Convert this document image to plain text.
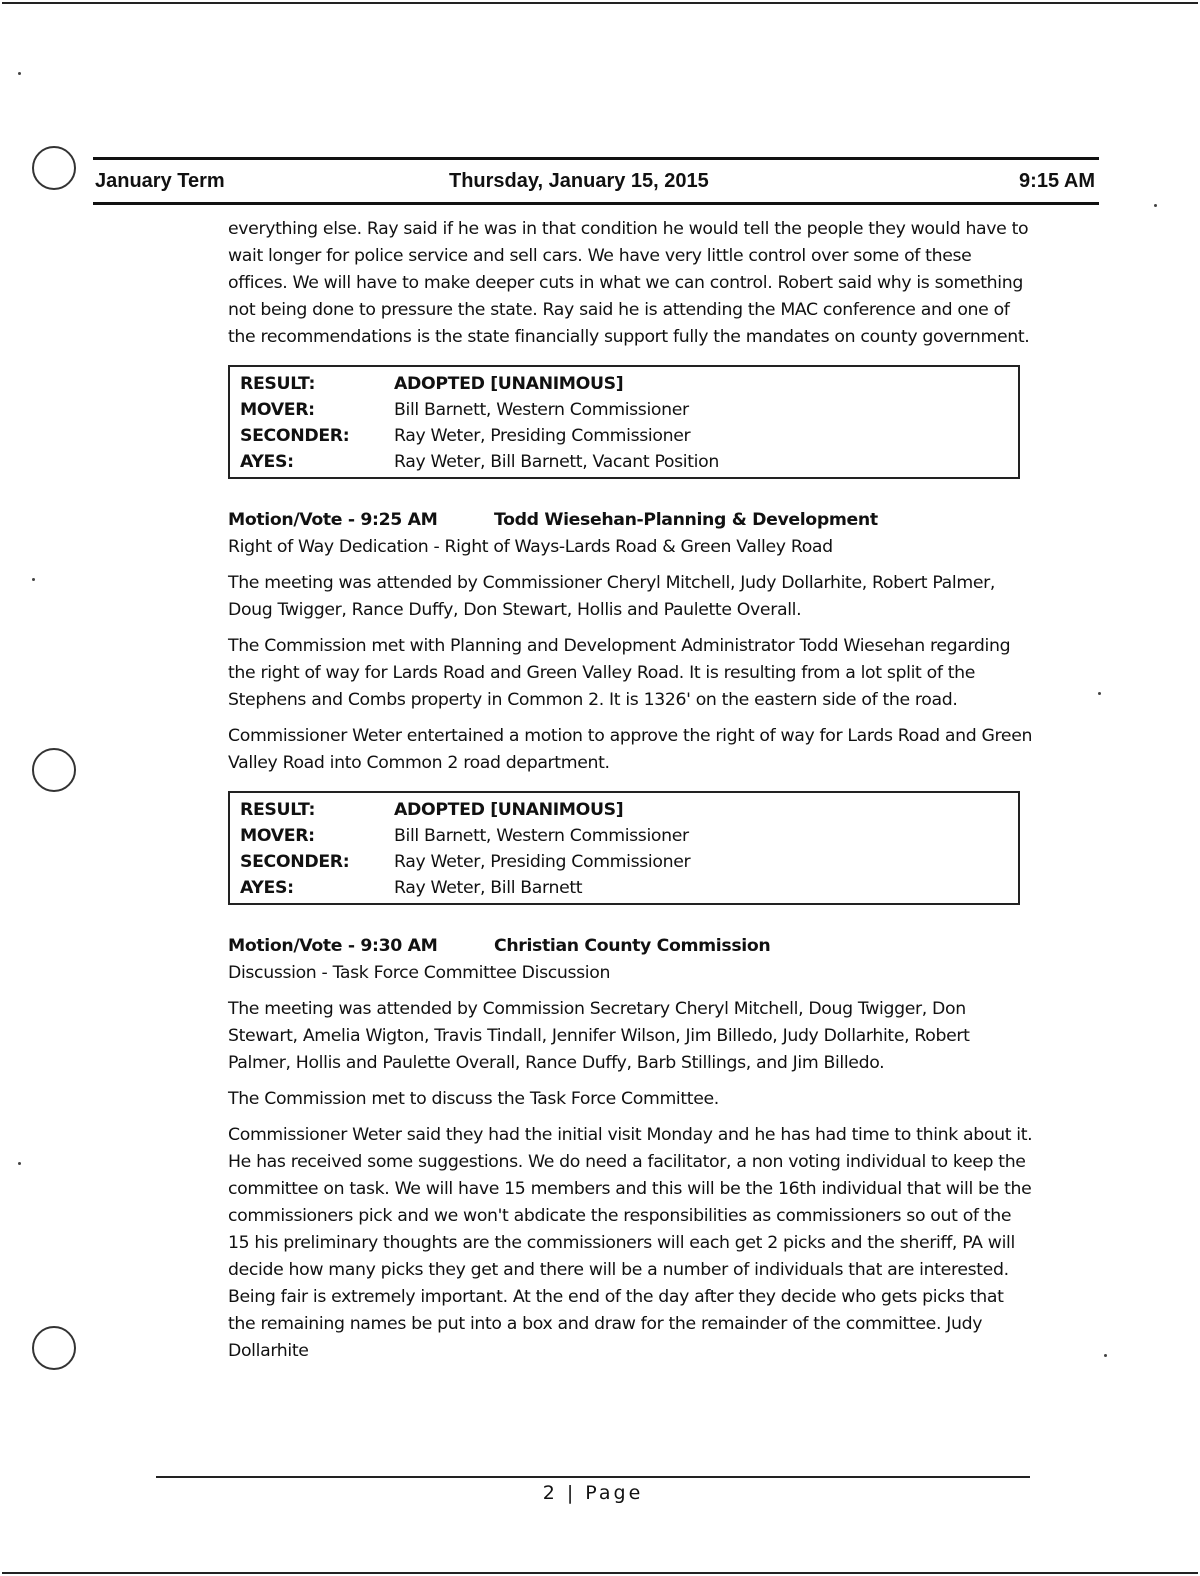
January Term	Thursday, January 15, 2015	9:15 AM

everything else. Ray said if he was in that condition he would tell the people they would have to wait longer for police service and sell cars. We have very little control over some of these offices. We will have to make deeper cuts in what we can control. Robert said why is something not being done to pressure the state. Ray said he is attending the MAC conference and one of the recommendations is the state financially support fully the mandates on county government.

RESULT:	ADOPTED [UNANIMOUS]
MOVER:	Bill Barnett, Western Commissioner
SECONDER:	Ray Weter, Presiding Commissioner
AYES:	Ray Weter, Bill Barnett, Vacant Position
Motion/Vote - 9:25 AM	Todd Wiesehan-Planning & Development

Right of Way Dedication - Right of Ways-Lards Road & Green Valley Road

The meeting was attended by Commissioner Cheryl Mitchell, Judy Dollarhite, Robert Palmer, Doug Twigger, Rance Duffy, Don Stewart, Hollis and Paulette Overall.

The Commission met with Planning and Development Administrator Todd Wiesehan regarding the right of way for Lards Road and Green Valley Road. It is resulting from a lot split of the Stephens and Combs property in Common 2. It is 1326' on the eastern side of the road.

Commissioner Weter entertained a motion to approve the right of way for Lards Road and Green Valley Road into Common 2 road department.

RESULT:	ADOPTED [UNANIMOUS]
MOVER:	Bill Barnett, Western Commissioner
SECONDER:	Ray Weter, Presiding Commissioner
AYES:	Ray Weter, Bill Barnett
Motion/Vote - 9:30 AM	Christian County Commission

Discussion - Task Force Committee Discussion

The meeting was attended by Commission Secretary Cheryl Mitchell, Doug Twigger, Don Stewart, Amelia Wigton, Travis Tindall, Jennifer Wilson, Jim Billedo, Judy Dollarhite, Robert Palmer, Hollis and Paulette Overall, Rance Duffy, Barb Stillings, and Jim Billedo.

The Commission met to discuss the Task Force Committee.

Commissioner Weter said they had the initial visit Monday and he has had time to think about it. He has received some suggestions. We do need a facilitator, a non voting individual to keep the committee on task. We will have 15 members and this will be the 16th individual that will be the commissioners pick and we won't abdicate the responsibilities as commissioners so out of the 15 his preliminary thoughts are the commissioners will each get 2 picks and the sheriff, PA will decide how many picks they get and there will be a number of individuals that are interested. Being fair is extremely important. At the end of the day after they decide who gets picks that the remaining names be put into a box and draw for the remainder of the committee. Judy Dollarhite

2 | Page
